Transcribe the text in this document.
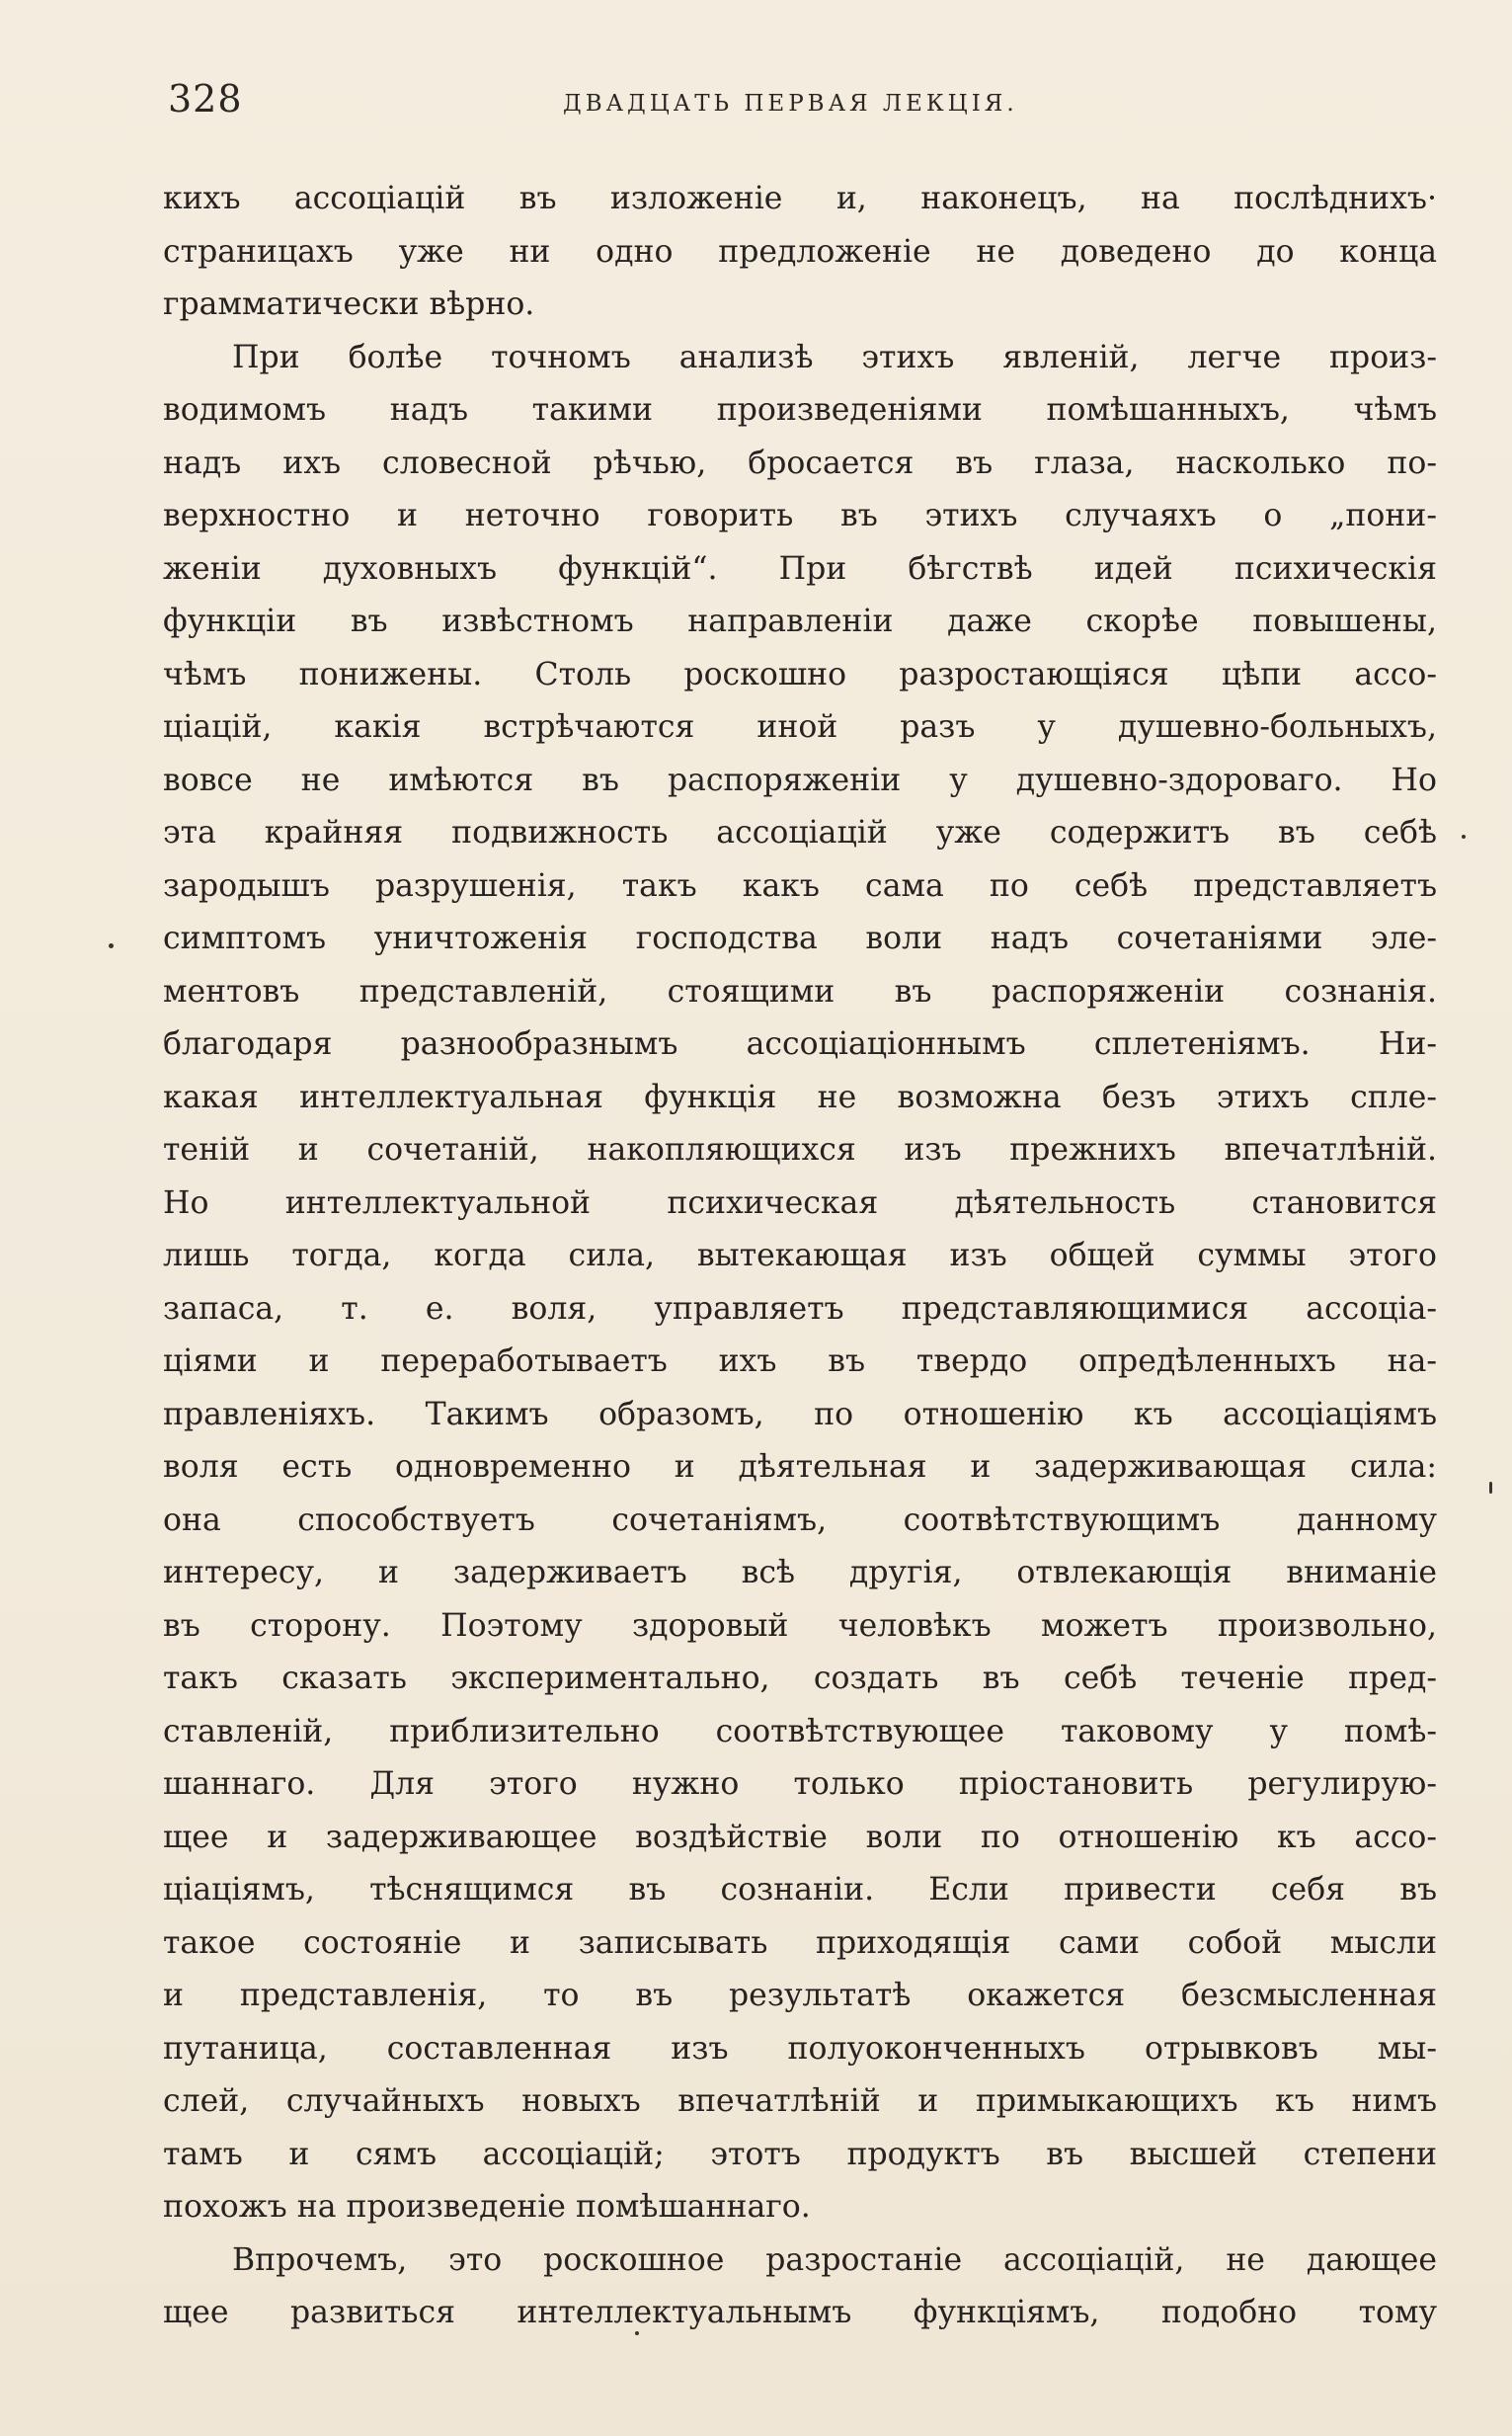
328	ДВАДЦАТЬ ПЕРВАЯ ЛЕКЦІЯ.
кихъ ассоціацій въ изложеніе и, наконецъ, на послѣднихъ·
страницахъ уже ни одно предложеніе не доведено до конца
грамматически вѣрно.
При болѣе точномъ анализѣ этихъ явленій, легче произ-
водимомъ надъ такими произведеніями помѣшанныхъ, чѣмъ
надъ ихъ словесной рѣчью, бросается въ глаза, насколько по-
верхностно и неточно говорить въ этихъ случаяхъ о „пони-
женіи духовныхъ функцій“. При бѣгствѣ идей психическія
функціи въ извѣстномъ направленіи даже скорѣе повышены,
чѣмъ понижены. Столь роскошно разростающіяся цѣпи ассо-
ціацій, какія встрѣчаются иной разъ у душевно-больныхъ,
вовсе не имѣются въ распоряженіи у душевно-здороваго. Но
эта крайняя подвижность ассоціацій уже содержитъ въ себѣ
зародышъ разрушенія, такъ какъ сама по себѣ представляетъ
симптомъ уничтоженія господства воли надъ сочетаніями эле-
ментовъ представленій, стоящими въ распоряженіи сознанія.
благодаря разнообразнымъ ассоціаціоннымъ сплетеніямъ. Ни-
какая интеллектуальная функція не возможна безъ этихъ спле-
теній и сочетаній, накопляющихся изъ прежнихъ впечатлѣній.
Но интеллектуальной психическая дѣятельность становится
лишь тогда, когда сила, вытекающая изъ общей суммы этого
запаса, т. е. воля, управляетъ представляющимися ассоціа-
ціями и переработываетъ ихъ въ твердо опредѣленныхъ на-
правленіяхъ. Такимъ образомъ, по отношенію къ ассоціаціямъ
воля есть одновременно и дѣятельная и задерживающая сила:
она способствуетъ сочетаніямъ, соотвѣтствующимъ данному
интересу, и задерживаетъ всѣ другія, отвлекающія вниманіе
въ сторону. Поэтому здоровый человѣкъ можетъ произвольно,
такъ сказать экспериментально, создать въ себѣ теченіе пред-
ставленій, приблизительно соотвѣтствующее таковому у помѣ-
шаннаго. Для этого нужно только пріостановить регулирую-
щее и задерживающее воздѣйствіе воли по отношенію къ ассо-
ціаціямъ, тѣснящимся въ сознаніи. Если привести себя въ
такое состояніе и записывать приходящія сами собой мысли
и представленія, то въ результатѣ окажется безсмысленная
путаница, составленная изъ полуоконченныхъ отрывковъ мы-
слей, случайныхъ новыхъ впечатлѣній и примыкающихъ къ нимъ
тамъ и сямъ ассоціацій; этотъ продуктъ въ высшей степени
похожъ на произведеніе помѣшаннаго.
Впрочемъ, это роскошное разростаніе ассоціацій, не дающее
щее развиться интеллектуальнымъ функціямъ, подобно тому
